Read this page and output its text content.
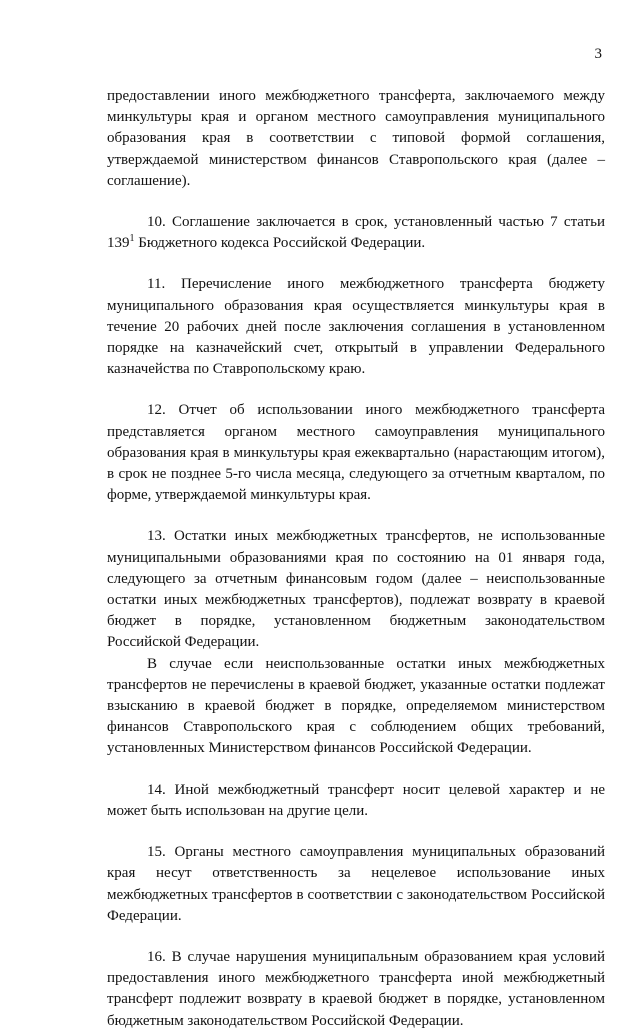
3

предоставлении иного межбюджетного трансферта, заключаемого между минкультуры края и органом местного самоуправления муниципального образования края в соответствии с типовой формой соглашения, утверждаемой министерством финансов Ставропольского края (далее – соглашение).

10. Соглашение заключается в срок, установленный частью 7 статьи $139^1$ Бюджетного кодекса Российской Федерации.

11. Перечисление иного межбюджетного трансферта бюджету муниципального образования края осуществляется минкультуры края в течение 20 рабочих дней после заключения соглашения в установленном порядке на казначейский счет, открытый в управлении Федерального казначейства по Ставропольскому краю.

12. Отчет об использовании иного межбюджетного трансферта представляется органом местного самоуправления муниципального образования края в минкультуры края ежеквартально (нарастающим итогом), в срок не позднее 5-го числа месяца, следующего за отчетным кварталом, по форме, утверждаемой минкультуры края.

13. Остатки иных межбюджетных трансфертов, не использованные муниципальными образованиями края по состоянию на 01 января года, следующего за отчетным финансовым годом (далее – неиспользованные остатки иных межбюджетных трансфертов), подлежат возврату в краевой бюджет в порядке, установленном бюджетным законодательством Российской Федерации.

В случае если неиспользованные остатки иных межбюджетных трансфертов не перечислены в краевой бюджет, указанные остатки подлежат взысканию в краевой бюджет в порядке, определяемом министерством финансов Ставропольского края с соблюдением общих требований, установленных Министерством финансов Российской Федерации.

14. Иной межбюджетный трансферт носит целевой характер и не может быть использован на другие цели.

15. Органы местного самоуправления муниципальных образований края несут ответственность за нецелевое использование иных межбюджетных трансфертов в соответствии с законодательством Российской Федерации.

16. В случае нарушения муниципальным образованием края условий предоставления иного межбюджетного трансферта иной межбюджетный трансферт подлежит возврату в краевой бюджет в порядке, установленном бюджетным законодательством Российской Федерации.
